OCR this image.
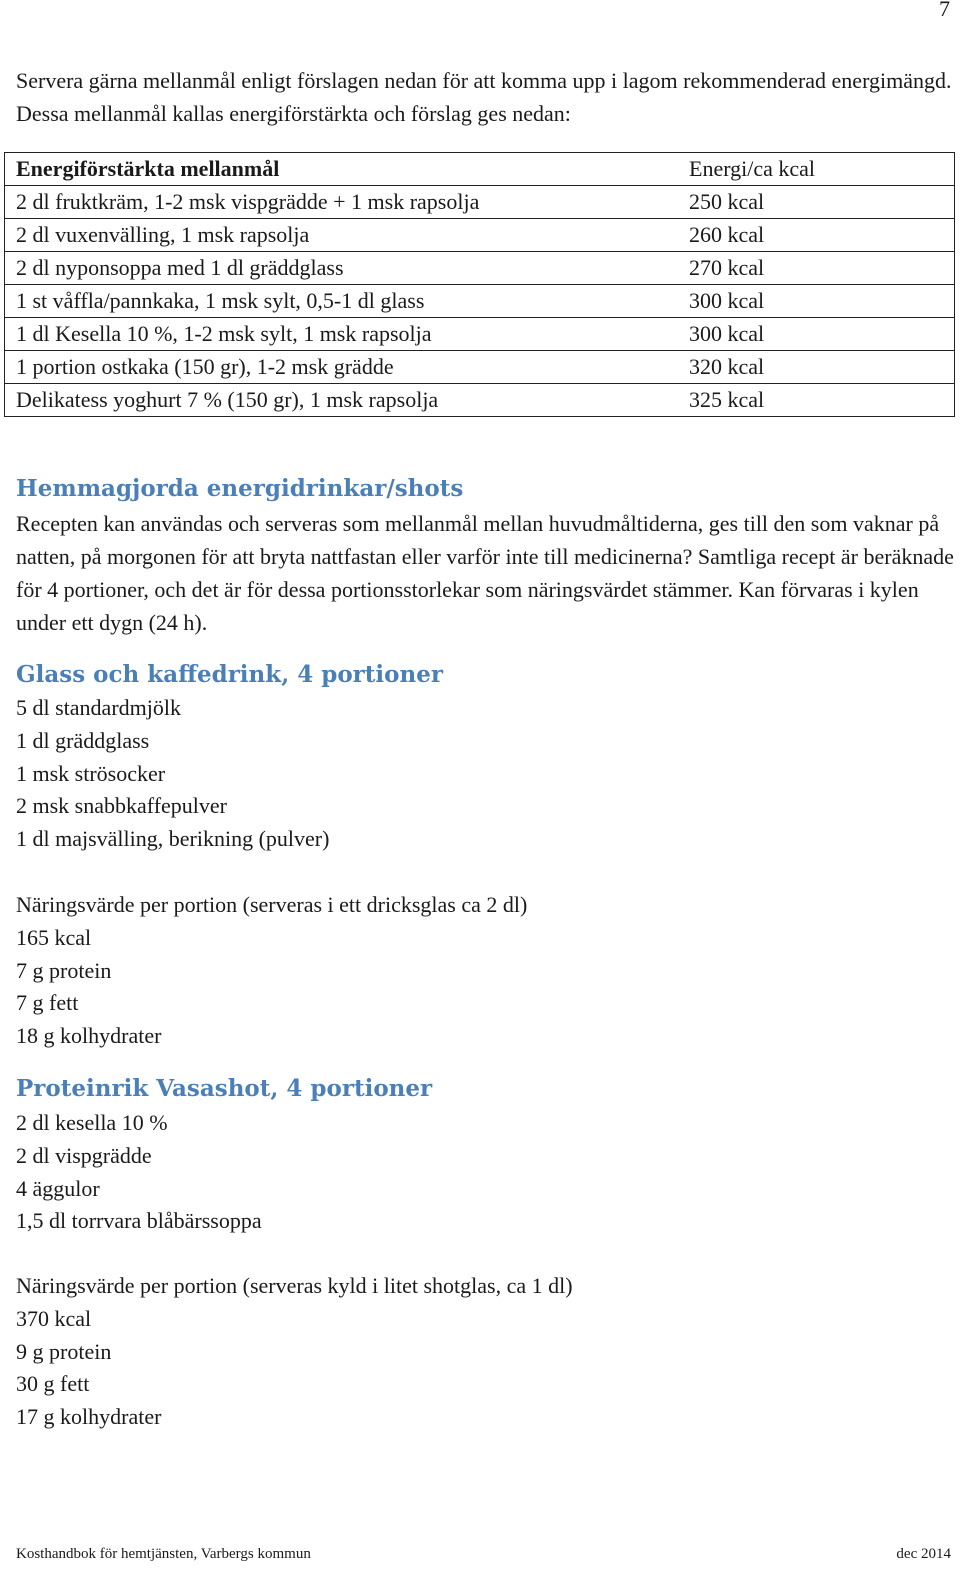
7
Servera gärna mellanmål enligt förslagen nedan för att komma upp i lagom rekommenderad energimängd. Dessa mellanmål kallas energiförstärkta och förslag ges nedan:
Energiförstärkta mellanmål	Energi/ca kcal
2 dl fruktkräm, 1-2 msk vispgrädde + 1 msk rapsolja	250 kcal
2 dl vuxenvälling, 1 msk rapsolja	260 kcal
2 dl nyponsoppa med 1 dl gräddglass	270 kcal
1 st våffla/pannkaka, 1 msk sylt, 0,5-1 dl glass	300 kcal
1 dl Kesella 10 %, 1-2 msk sylt, 1 msk rapsolja	300 kcal
1 portion ostkaka (150 gr), 1-2 msk grädde	320 kcal
Delikatess yoghurt 7 % (150 gr), 1 msk rapsolja	325 kcal
Hemmagjorda energidrinkar/shots
Recepten kan användas och serveras som mellanmål mellan huvudmåltiderna, ges till den som vaknar på natten, på morgonen för att bryta nattfastan eller varför inte till medicinerna? Samtliga recept är beräknade för 4 portioner, och det är för dessa portionsstorlekar som näringsvärdet stämmer. Kan förvaras i kylen under ett dygn (24 h).
Glass och kaffedrink, 4 portioner
5 dl standardmjölk
1 dl gräddglass
1 msk strösocker
2 msk snabbkaffepulver
1 dl majsvälling, berikning (pulver)
Näringsvärde per portion (serveras i ett dricksglas ca 2 dl)
165 kcal
7 g protein
7 g fett
18 g kolhydrater
Proteinrik Vasashot, 4 portioner
2 dl kesella 10 %
2 dl vispgrädde
4 äggulor
1,5 dl torrvara blåbärssoppa
Näringsvärde per portion (serveras kyld i litet shotglas, ca 1 dl)
370 kcal
9 g protein
30 g fett
17 g kolhydrater
Kosthandbok för hemtjänsten, Varbergs kommun	dec 2014
